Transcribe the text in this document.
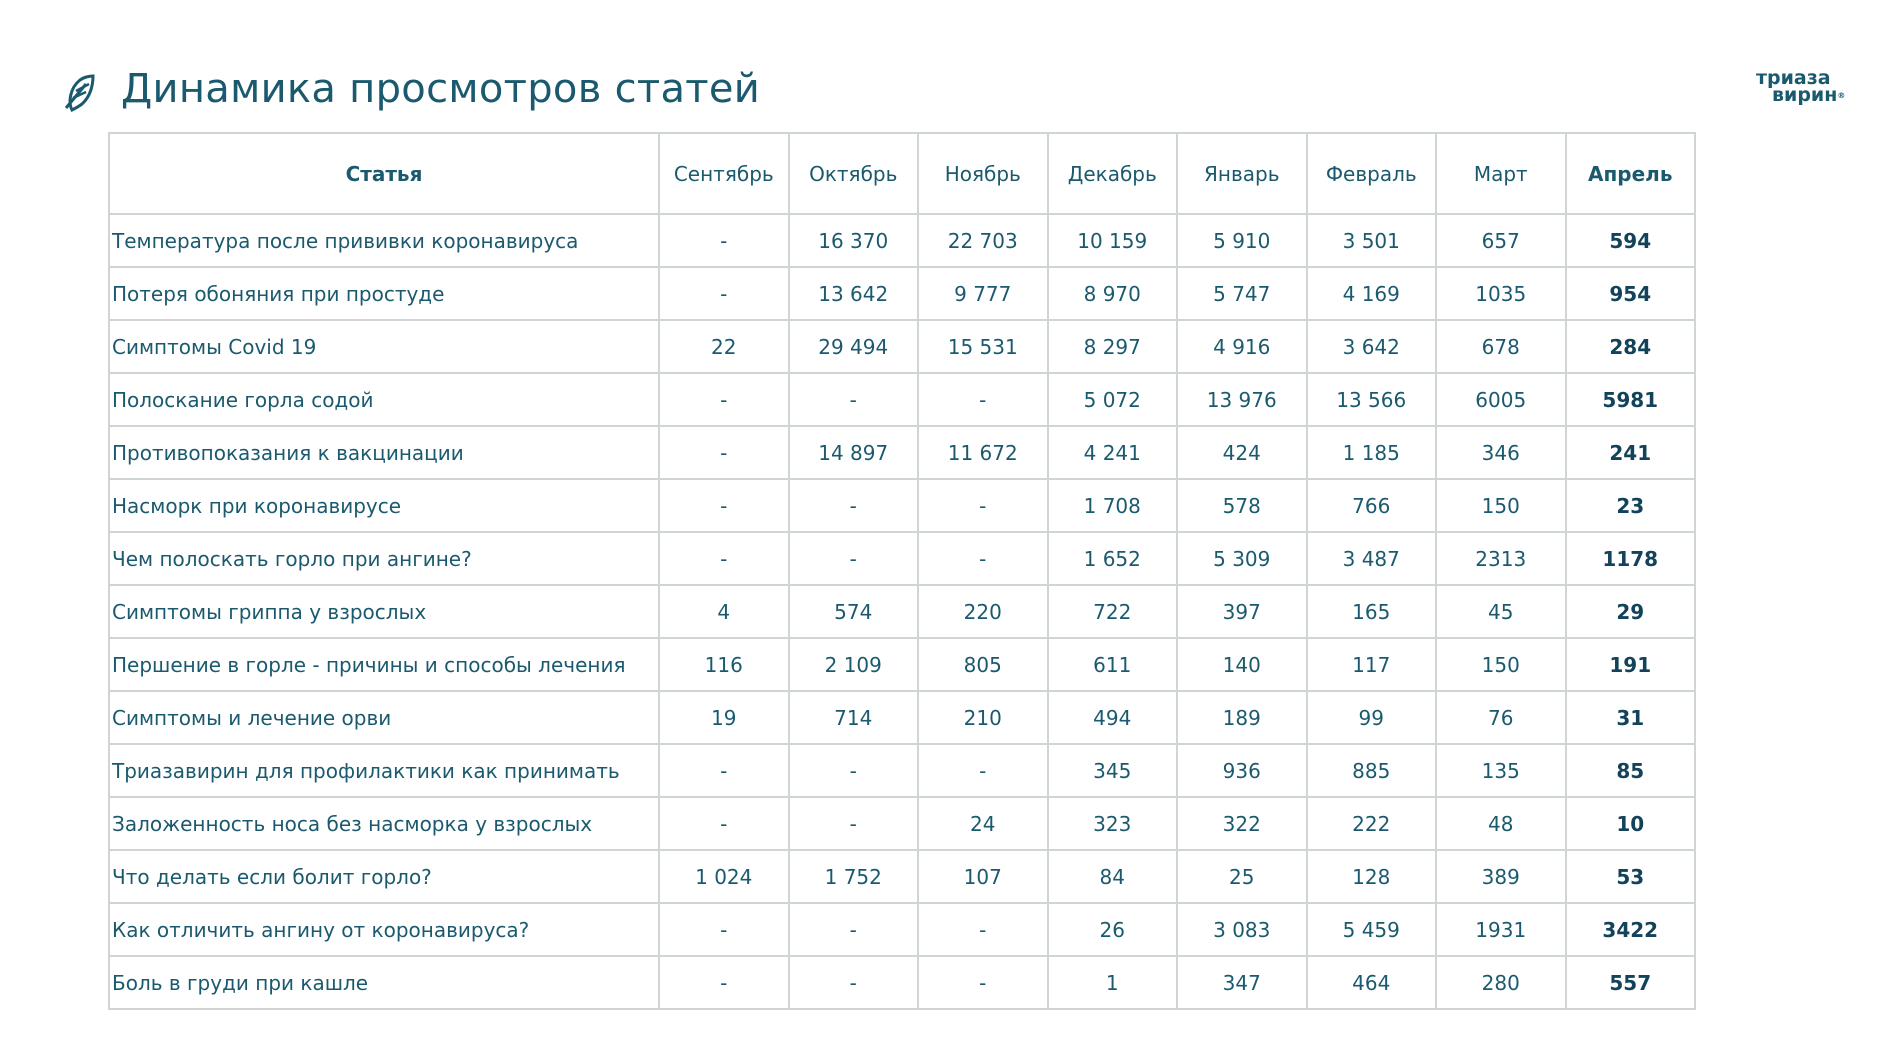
Динамика просмотров статей	триаза
вирин®
Статья	Сентябрь	Октябрь	Ноябрь	Декабрь	Январь	Февраль	Март	Апрель
Температура после прививки коронавируса	-	16 370	22 703	10 159	5 910	3 501	657	594
Потеря обоняния при простуде	-	13 642	9 777	8 970	5 747	4 169	1035	954
Симптомы Covid 19	22	29 494	15 531	8 297	4 916	3 642	678	284
Полоскание горла содой	-	-	-	5 072	13 976	13 566	6005	5981
Противопоказания к вакцинации	-	14 897	11 672	4 241	424	1 185	346	241
Насморк при коронавирусе	-	-	-	1 708	578	766	150	23
Чем полоскать горло при ангине?	-	-	-	1 652	5 309	3 487	2313	1178
Симптомы гриппа у взрослых	4	574	220	722	397	165	45	29
Першение в горле - причины и способы лечения	116	2 109	805	611	140	117	150	191
Симптомы и лечение орви	19	714	210	494	189	99	76	31
Триазавирин для профилактики как принимать	-	-	-	345	936	885	135	85
Заложенность носа без насморка у взрослых	-	-	24	323	322	222	48	10
Что делать если болит горло?	1 024	1 752	107	84	25	128	389	53
Как отличить ангину от коронавируса?	-	-	-	26	3 083	5 459	1931	3422
Боль в груди при кашле	-	-	-	1	347	464	280	557
